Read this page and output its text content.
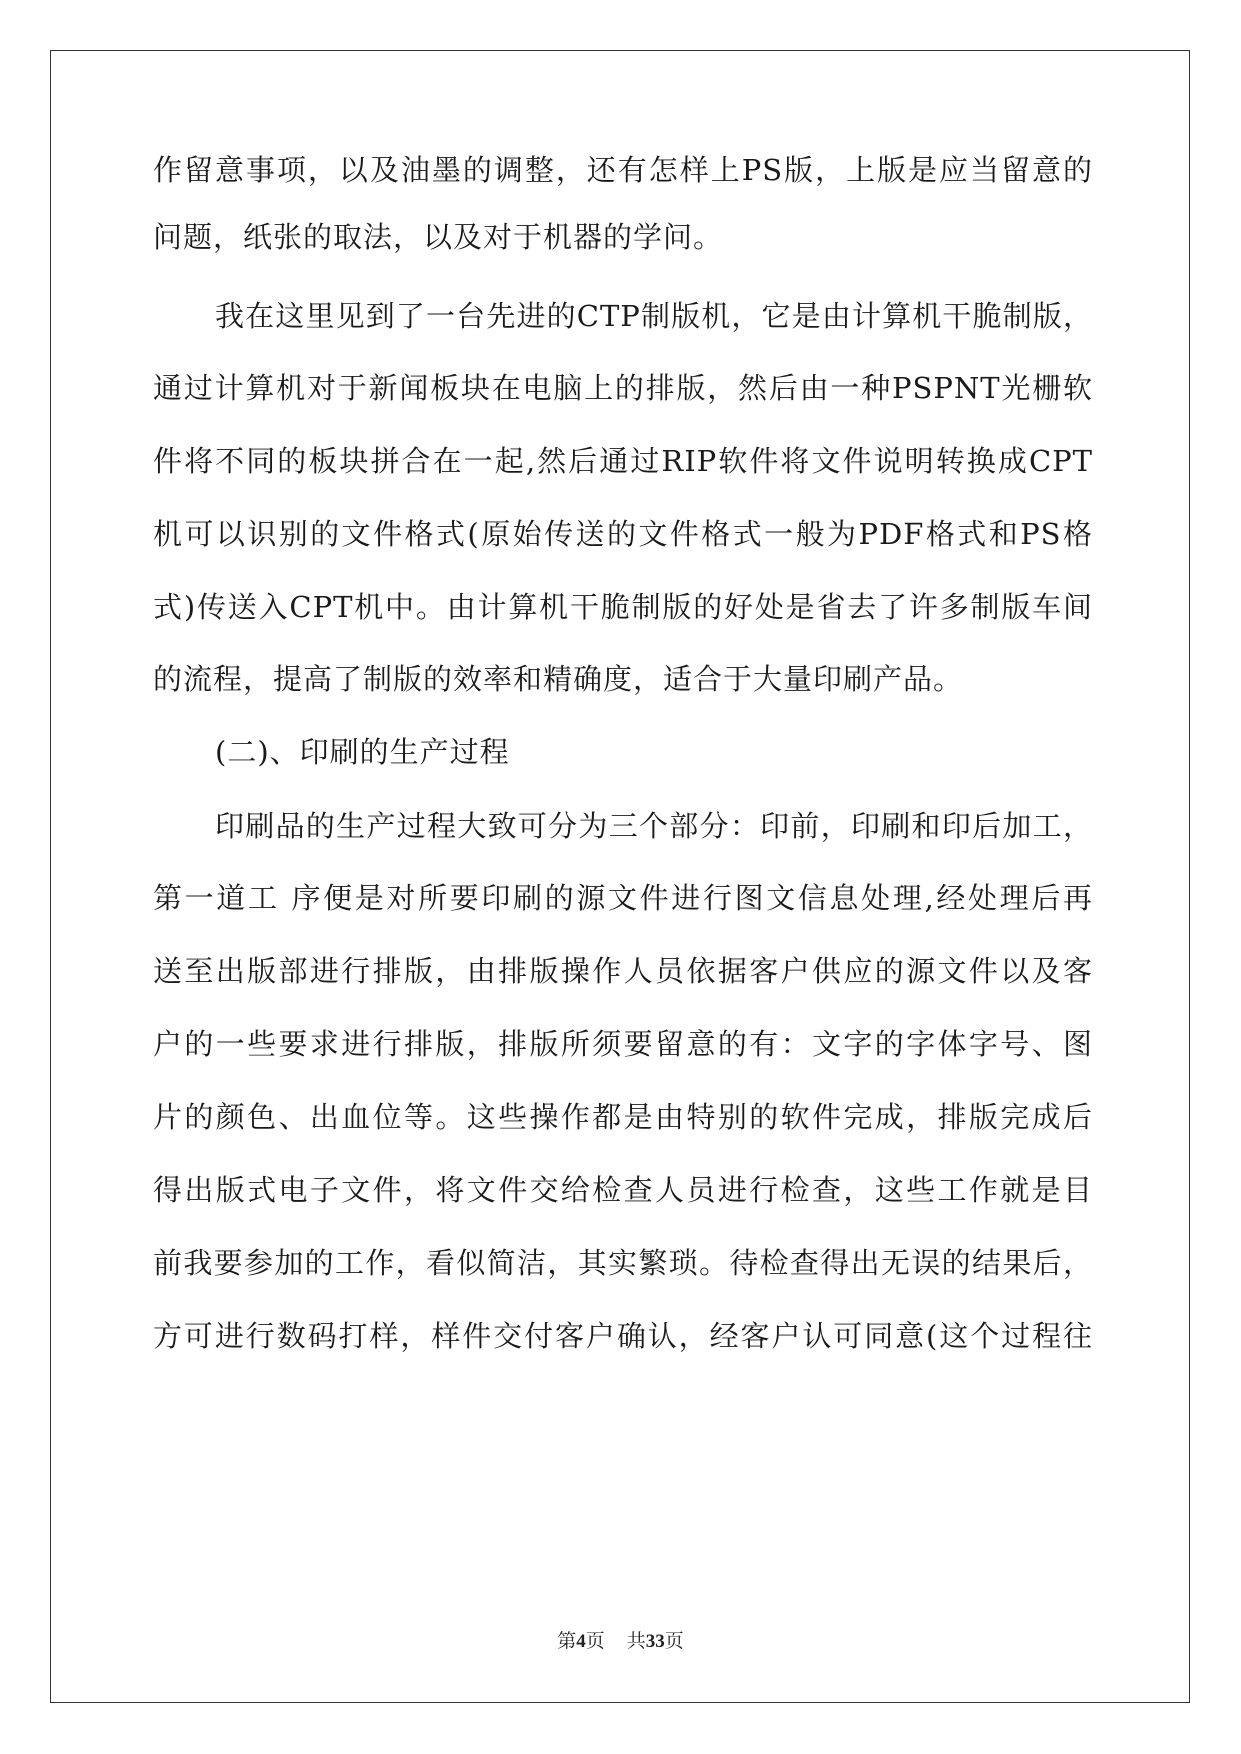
作留意事项，以及油墨的调整，还有怎样上PS版，上版是应当留意的
问题，纸张的取法，以及对于机器的学问。
我在这里见到了一台先进的CTP制版机，它是由计算机干脆制版，
通过计算机对于新闻板块在电脑上的排版，然后由一种PSPNT光栅软
件将不同的板块拼合在一起,然后通过RIP软件将文件说明转换成CPT
机可以识别的文件格式(原始传送的文件格式一般为PDF格式和PS格
式)传送入CPT机中。由计算机干脆制版的好处是省去了许多制版车间
的流程，提高了制版的效率和精确度，适合于大量印刷产品。
(二)、印刷的生产过程
印刷品的生产过程大致可分为三个部分：印前，印刷和印后加工，
第一道工 序便是对所要印刷的源文件进行图文信息处理,经处理后再
送至出版部进行排版，由排版操作人员依据客户供应的源文件以及客
户的一些要求进行排版，排版所须要留意的有：文字的字体字号、图
片的颜色、出血位等。这些操作都是由特别的软件完成，排版完成后
得出版式电子文件，将文件交给检查人员进行检查，这些工作就是目
前我要参加的工作，看似简洁，其实繁琐。待检查得出无误的结果后，
方可进行数码打样，样件交付客户确认，经客户认可同意(这个过程往
第4页 共33页
